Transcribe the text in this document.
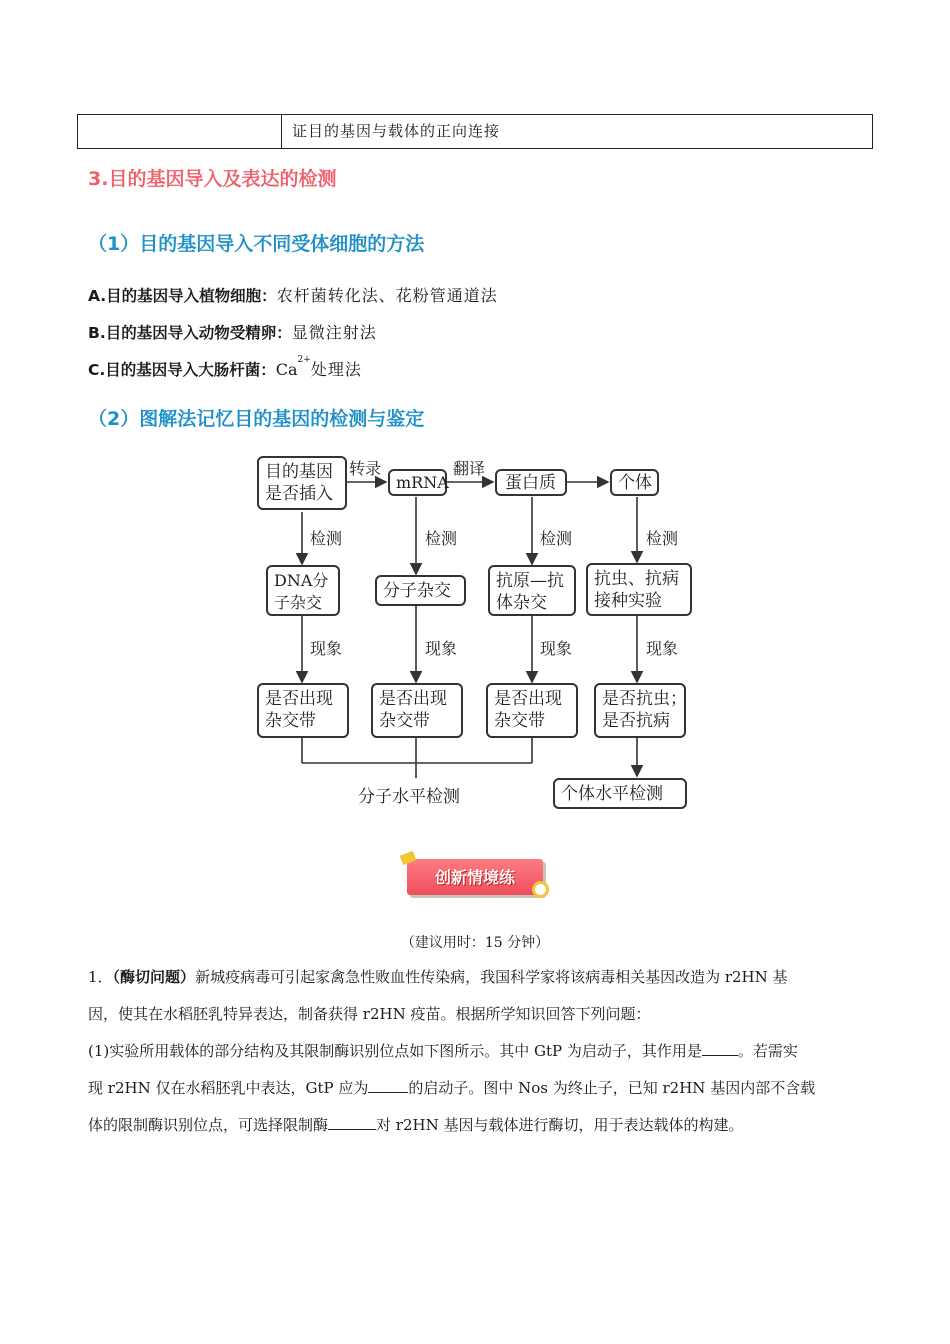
证目的基因与载体的正向连接
3.目的基因导入及表达的检测
（1）目的基因导入不同受体细胞的方法
A.目的基因导入植物细胞：农杆菌转化法、花粉管通道法
B.目的基因导入动物受精卵：显微注射法
C.目的基因导入大肠杆菌：$Ca^{2+}$处理法
（2）图解法记忆目的基因的检测与鉴定
目的基因
是否插入
mRNA	蛋白质	个体
转录	翻译
检测	检测	检测	检测
DNA分
子杂交
分子杂交	抗原—抗
体杂交
抗虫、抗病
接种实验
现象	现象	现象	现象
是否出现
杂交带
是否出现
杂交带
是否出现
杂交带
是否抗虫；
是否抗病
分子水平检测	个体水平检测
创新情境练
（建议用时：15 分钟）
1．（酶切问题）新城疫病毒可引起家禽急性败血性传染病，我国科学家将该病毒相关基因改造为 r2HN 基
因，使其在水稻胚乳特异表达，制备获得 r2HN 疫苗。根据所学知识回答下列问题：
(1)实验所用载体的部分结构及其限制酶识别位点如下图所示。其中 GtP 为启动子，其作用是 。若需实
现 r2HN 仅在水稻胚乳中表达，GtP 应为	的启动子。图中 Nos 为终止子，已知 r2HN 基因内部不含载
体的限制酶识别位点，可选择限制酶	对 r2HN 基因与载体进行酶切，用于表达载体的构建。
